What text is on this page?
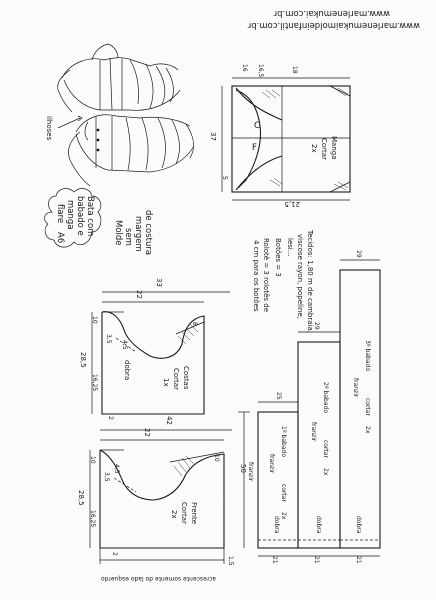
www.marlenemukai.com.br
www.marlenemukaimoldeinfantil.com.br
ilhoses
Bata com
babado e
manga
flare
A6	Molde sem margem de costura
37
21,5
16 16,5	18
5
F
C
Manga
Cortar
2x
28,5
22
33
16,25
10
3,5
4,5
8
2
dobra	Costas
Cortar
1x
28,5
22
42
16,25
10
3,5
4,5
10
2
1,5
Frente
Cortar
2x
acrescente somente do lado esquerdo
Tecidos: 1,80 m de cambraia,
viscose rayon, popeline,
lesi...
Botões = 3
Rolotê = 3 rolotês de
4 cm para os botões
50 franzir
25
29
29
21	21	21
1º babado
cortar
2x
franzir
2º babado
cortar
2x
franzir
3º babado
cortar
2x
franzir
dobra	dobra	dobra
